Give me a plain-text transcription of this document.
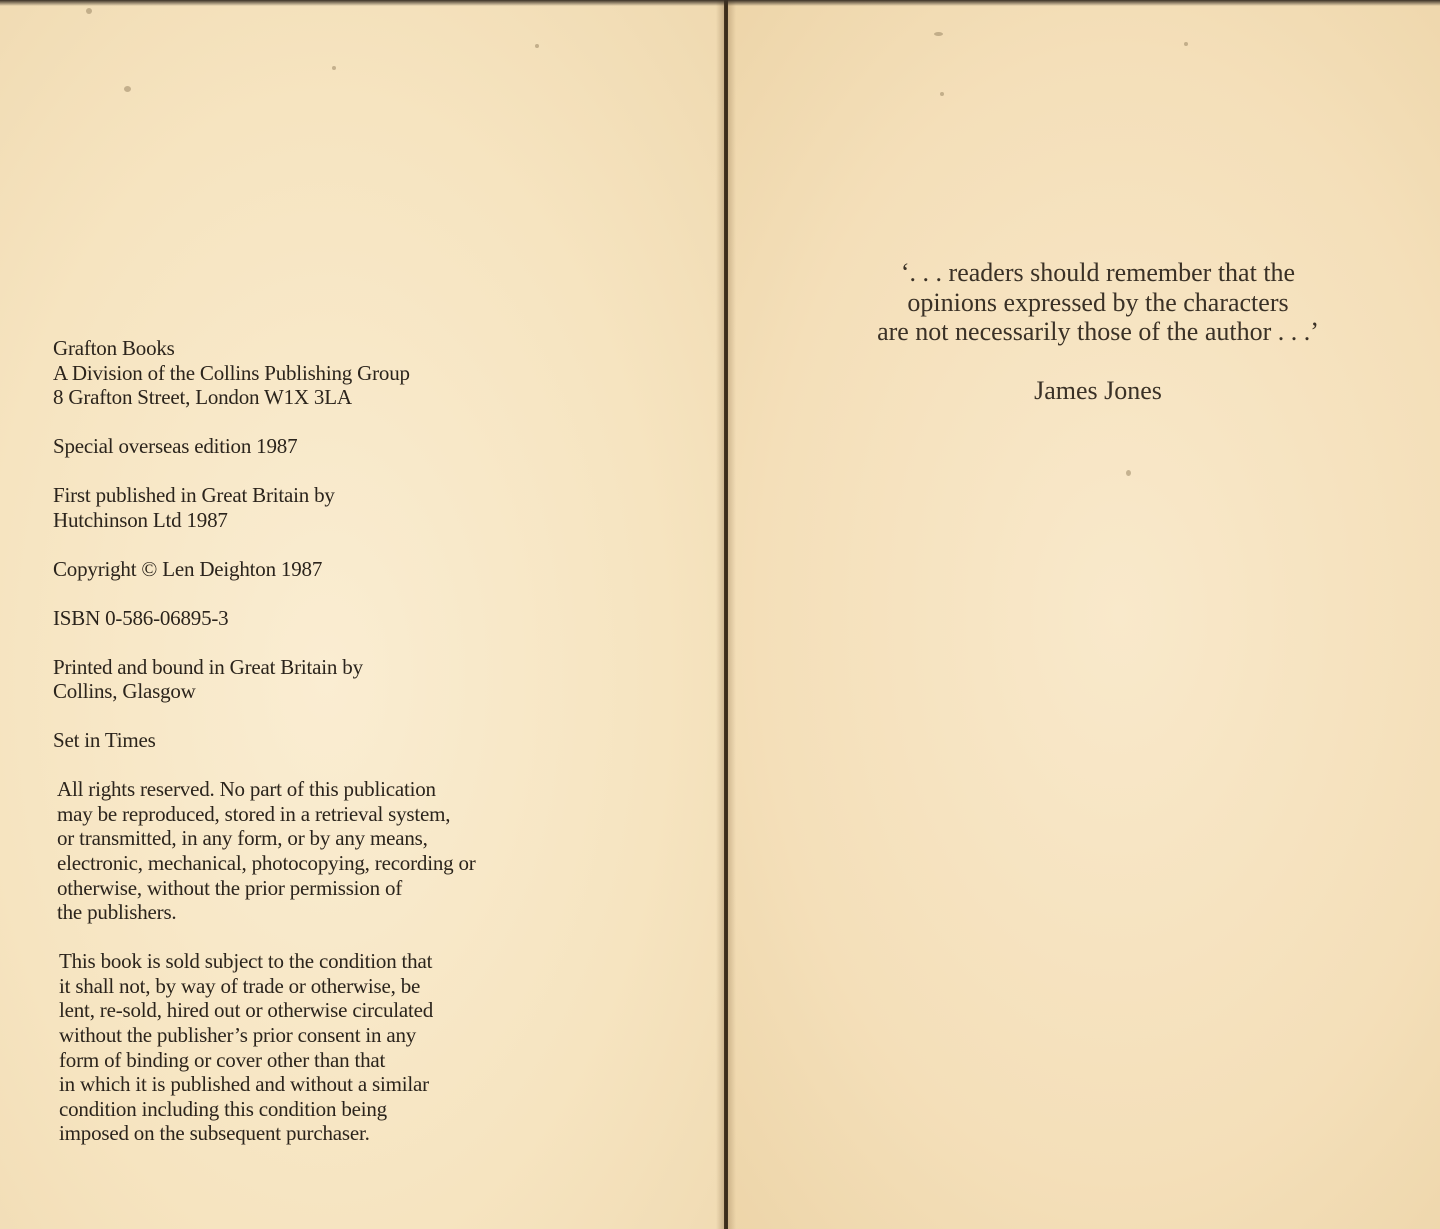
Grafton Books
A Division of the Collins Publishing Group
8 Grafton Street, London W1X 3LA
Special overseas edition 1987
First published in Great Britain by
Hutchinson Ltd 1987
Copyright © Len Deighton 1987
ISBN 0-586-06895-3
Printed and bound in Great Britain by
Collins, Glasgow
Set in Times
All rights reserved. No part of this publication
may be reproduced, stored in a retrieval system,
or transmitted, in any form, or by any means,
electronic, mechanical, photocopying, recording or
otherwise, without the prior permission of
the publishers.
This book is sold subject to the condition that
it shall not, by way of trade or otherwise, be
lent, re-sold, hired out or otherwise circulated
without the publisher’s prior consent in any
form of binding or cover other than that
in which it is published and without a similar
condition including this condition being
imposed on the subsequent purchaser.
‘. . . readers should remember that the
opinions expressed by the characters
are not necessarily those of the author . . .’
James Jones
